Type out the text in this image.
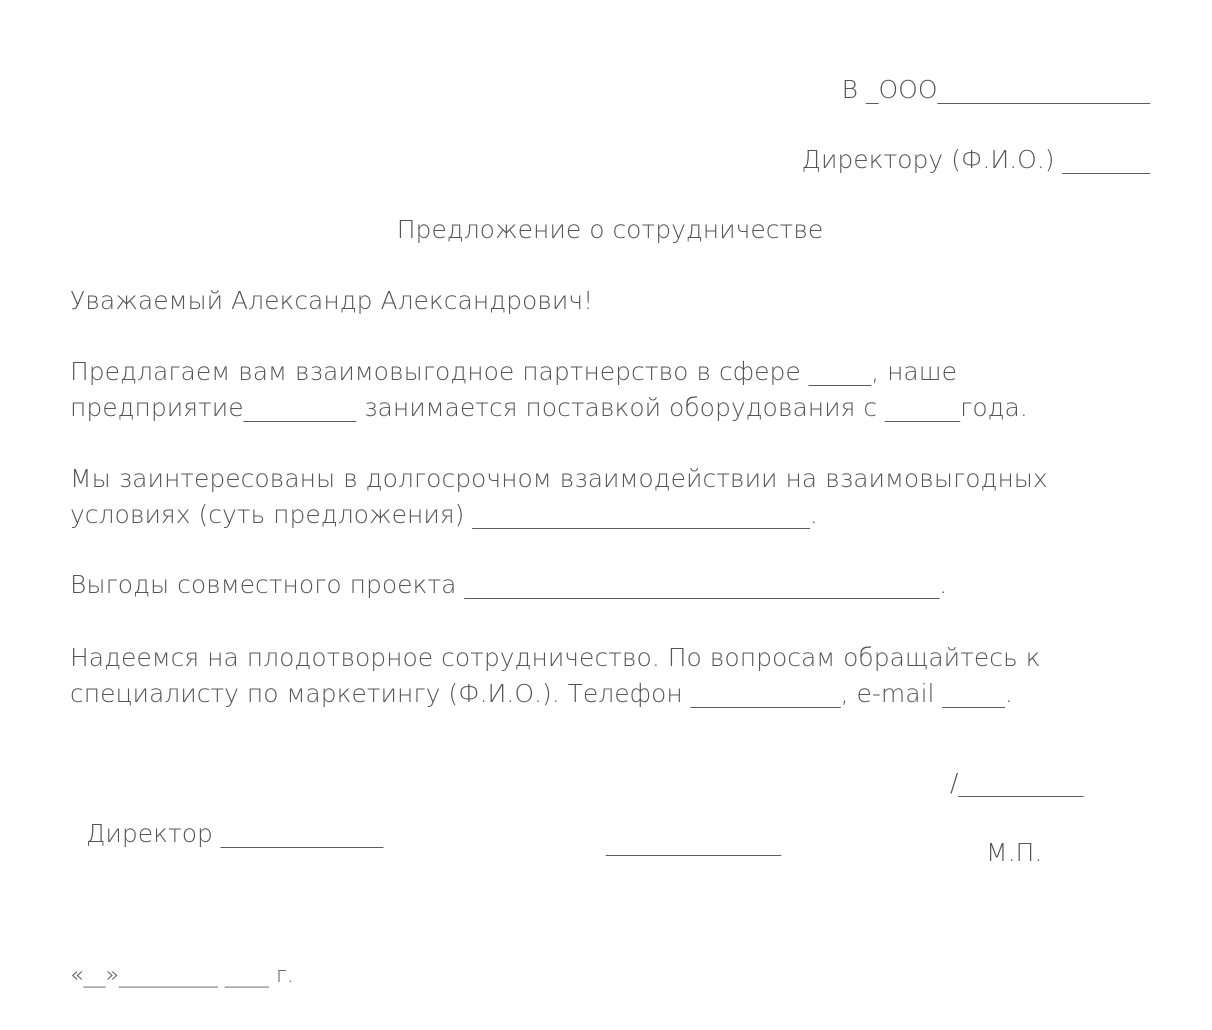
В _ООО_________________
Директору (Ф.И.О.) _______
Предложение о сотрудничестве
Уважаемый Александр Александрович!
Предлагаем вам взаимовыгодное партнерство в сфере _____, наше
предприятие_________ занимается поставкой оборудования с ______года.
Мы заинтересованы в долгосрочном взаимодействии на взаимовыгодных
условиях (суть предложения) ___________________________.
Выгоды совместного проекта ______________________________________.
Надеемся на плодотворное сотрудничество. По вопросам обращайтесь к
специалисту по маркетингу (Ф.И.О.). Телефон ____________, e-mail _____.
/__________
Директор _____________	______________	М.П.
«__»_________ ____ г.
